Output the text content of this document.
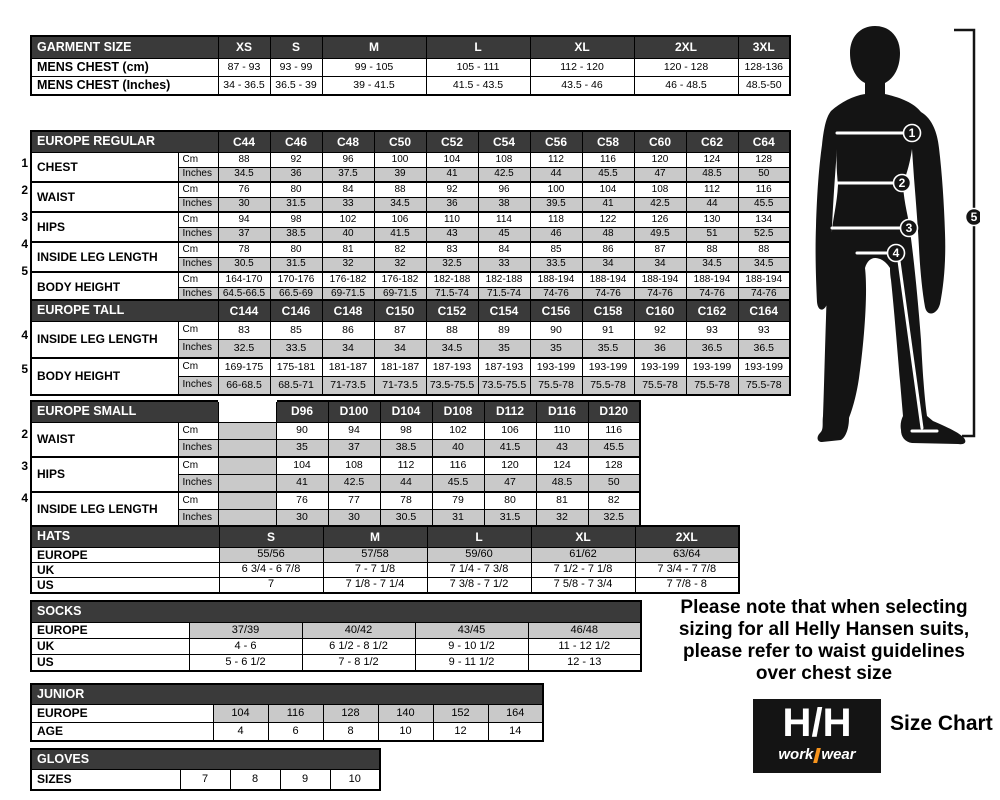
GARMENT SIZE	XS	S	M	L	XL	2XL	3XL
MENS CHEST (cm)	87 - 93	93 - 99	99 - 105	105 - 111	112 - 120	120 - 128	128-136
MENS CHEST (Inches)	34 - 36.5	36.5 - 39	39 - 41.5	41.5 - 43.5	43.5 - 46	46 - 48.5	48.5-50
1
2
3
4
5
EUROPE REGULAR		C44	C46	C48	C50	C52	C54	C56	C58	C60	C62	C64
CHEST	Cm	88	92	96	100	104	108	112	116	120	124	128
	Inches	34.5	36	37.5	39	41	42.5	44	45.5	47	48.5	50
WAIST	Cm	76	80	84	88	92	96	100	104	108	112	116
	Inches	30	31.5	33	34.5	36	38	39.5	41	42.5	44	45.5
HIPS	Cm	94	98	102	106	110	114	118	122	126	130	134
	Inches	37	38.5	40	41.5	43	45	46	48	49.5	51	52.5
INSIDE LEG LENGTH	Cm	78	80	81	82	83	84	85	86	87	88	88
	Inches	30.5	31.5	32	32	32.5	33	33.5	34	34	34.5	34.5
BODY HEIGHT	Cm	164-170	170-176	176-182	176-182	182-188	182-188	188-194	188-194	188-194	188-194	188-194
	Inches	64.5-66.5	66.5-69	69-71.5	69-71.5	71.5-74	71.5-74	74-76	74-76	74-76	74-76	74-76
4
5
EUROPE TALL		C144	C146	C148	C150	C152	C154	C156	C158	C160	C162	C164
INSIDE LEG LENGTH	Cm	83	85	86	87	88	89	90	91	92	93	93
	Inches	32.5	33.5	34	34	34.5	35	35	35.5	36	36.5	36.5
BODY HEIGHT	Cm	169-175	175-181	181-187	181-187	187-193	187-193	193-199	193-199	193-199	193-199	193-199
	Inches	66-68.5	68.5-71	71-73.5	71-73.5	73.5-75.5	73.5-75.5	75.5-78	75.5-78	75.5-78	75.5-78	75.5-78
2
3
4
EUROPE SMALL			D96	D100	D104	D108	D112	D116	D120
WAIST	Cm		90	94	98	102	106	110	116
	Inches		35	37	38.5	40	41.5	43	45.5
HIPS	Cm		104	108	112	116	120	124	128
	Inches		41	42.5	44	45.5	47	48.5	50
INSIDE LEG LENGTH	Cm		76	77	78	79	80	81	82
	Inches		30	30	30.5	31	31.5	32	32.5
HATS	S	M	L	XL	2XL
EUROPE	55/56	57/58	59/60	61/62	63/64
UK	6 3/4 - 6 7/8	7 - 7 1/8	7 1/4 - 7 3/8	7 1/2 - 7 1/8	7 3/4 - 7 7/8
US	7	7 1/8 - 7 1/4	7 3/8 - 7 1/2	7 5/8 - 7 3/4	7 7/8 - 8
SOCKS				
EUROPE	37/39	40/42	43/45	46/48
UK	4 - 6	6 1/2 - 8 1/2	9 - 10 1/2	11 - 12 1/2
US	5 - 6 1/2	7 - 8 1/2	9 - 11 1/2	12 - 13
JUNIOR						
EUROPE	104	116	128	140	152	164
AGE	4	6	8	10	12	14
GLOVES
SIZES	7	8	9	10
Please note that when selecting
sizing for all Helly Hansen suits,
please refer to waist guidelines
over chest size
H/H
work wear
Size Chart
1
2
3
4
5
